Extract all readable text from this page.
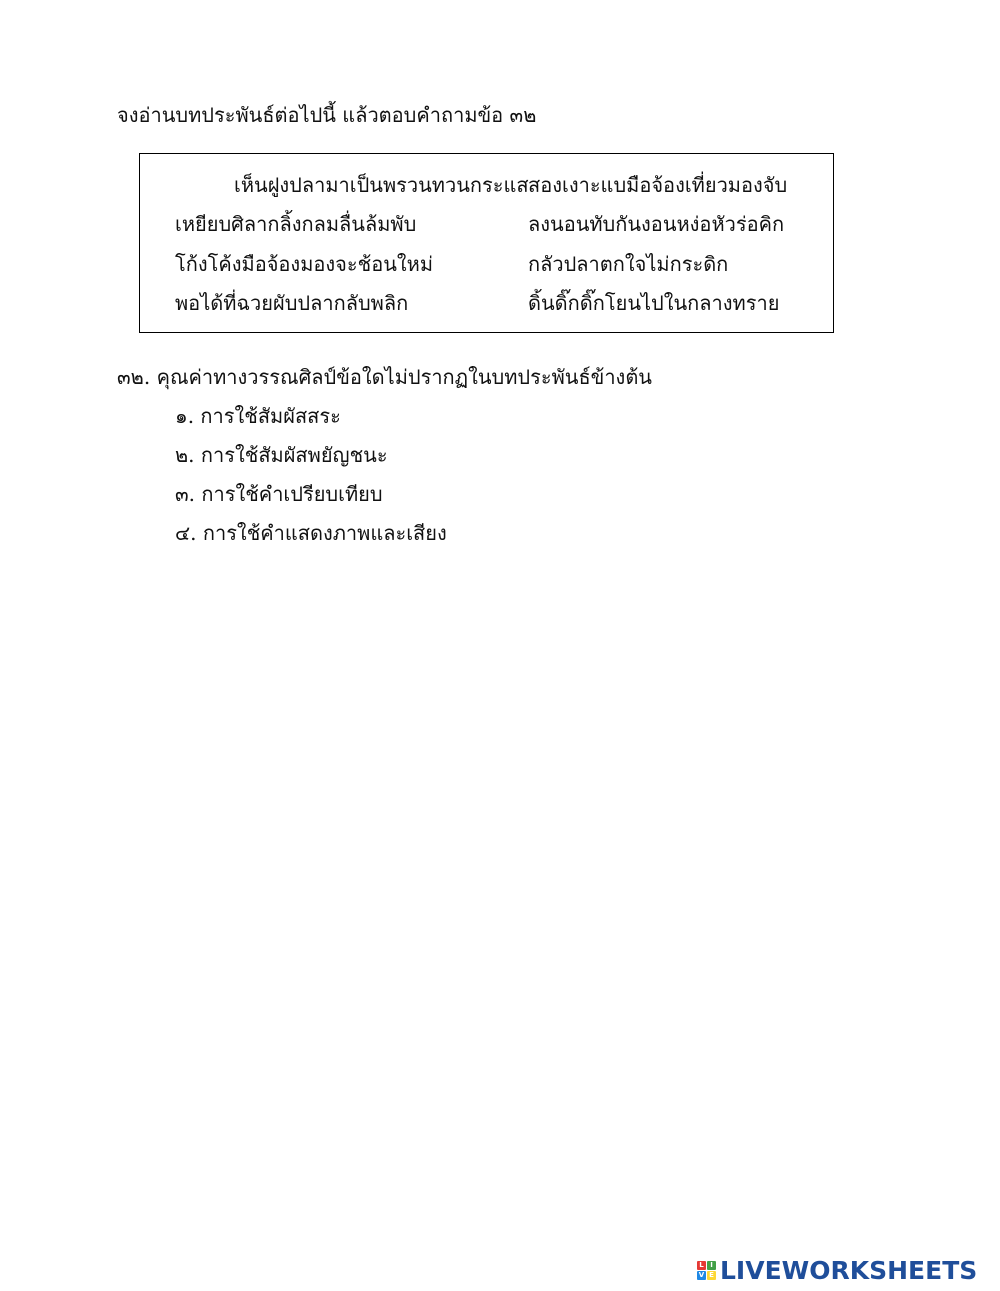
จงอ่านบทประพันธ์ต่อไปนี้ แล้วตอบคำถามข้อ ๓๒
เห็นฝูงปลามาเป็นพรวนทวนกระแส สองเงาะแบมือจ้องเที่ยวมองจับ
เหยียบศิลากลิ้งกลมลื่นล้มพับ	ลงนอนทับกันงอนหง่อหัวร่อคิก
โก้งโค้งมือจ้องมองจะช้อนใหม่	กลัวปลาตกใจไม่กระดิก
พอได้ที่ฉวยผับปลากลับพลิก	ดิ้นดิ๊กดิ๊กโยนไปในกลางทราย
๓๒. คุณค่าทางวรรณศิลป์ข้อใดไม่ปรากฏในบทประพันธ์ข้างต้น
๑. การใช้สัมผัสสระ
๒. การใช้สัมผัสพยัญชนะ
๓. การใช้คำเปรียบเทียบ
๔. การใช้คำแสดงภาพและเสียง
L I
V E LIVEWORKSHEETS
